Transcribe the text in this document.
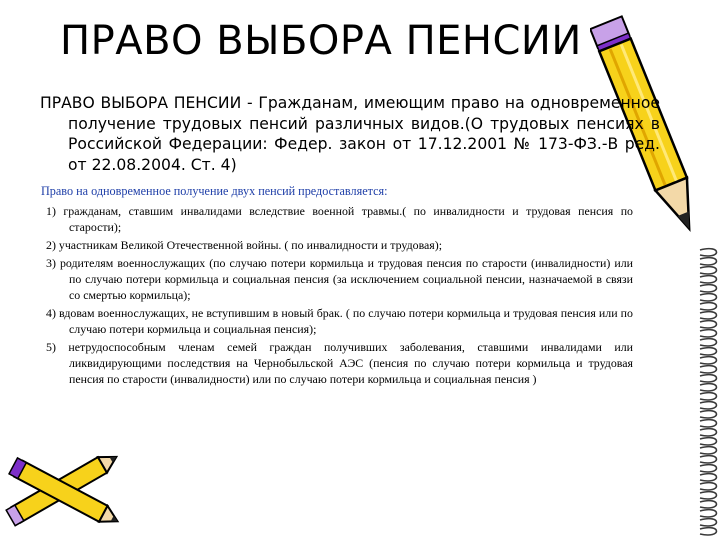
ПРАВО ВЫБОРА ПЕНСИИ
ПРАВО ВЫБОРА ПЕНСИИ - Гражданам, имеющим право на одновременное получение трудовых пенсий различных видов.(О трудовых пенсиях в Российской Федерации: Федер. закон от 17.12.2001 № 173-ФЗ.-В ред. от 22.08.2004. Ст. 4)
Право на одновременное получение двух пенсий предоставляется:
1) гражданам, ставшим инвалидами вследствие военной травмы.( по инвалидности и трудовая пенсия по старости);
2) участникам Великой Отечественной войны. ( по инвалидности и трудовая);
3) родителям военнослужащих (по случаю потери кормильца и трудовая пенсия по старости (инвалидности) или по случаю потери кормильца и социальная пенсия (за исключением социальной пенсии, назначаемой в связи со смертью кормильца);
4) вдовам военнослужащих, не вступившим в новый брак. ( по случаю потери кормильца и трудовая пенсия или по случаю потери кормильца и социальная пенсия);
5) нетрудоспособным членам семей граждан получивших заболевания, ставшими инвалидами или ликвидирующими последствия на Чернобыльской АЭС (пенсия по случаю потери кормильца и трудовая пенсия по старости (инвалидности) или по случаю потери кормильца и социальная пенсия )
